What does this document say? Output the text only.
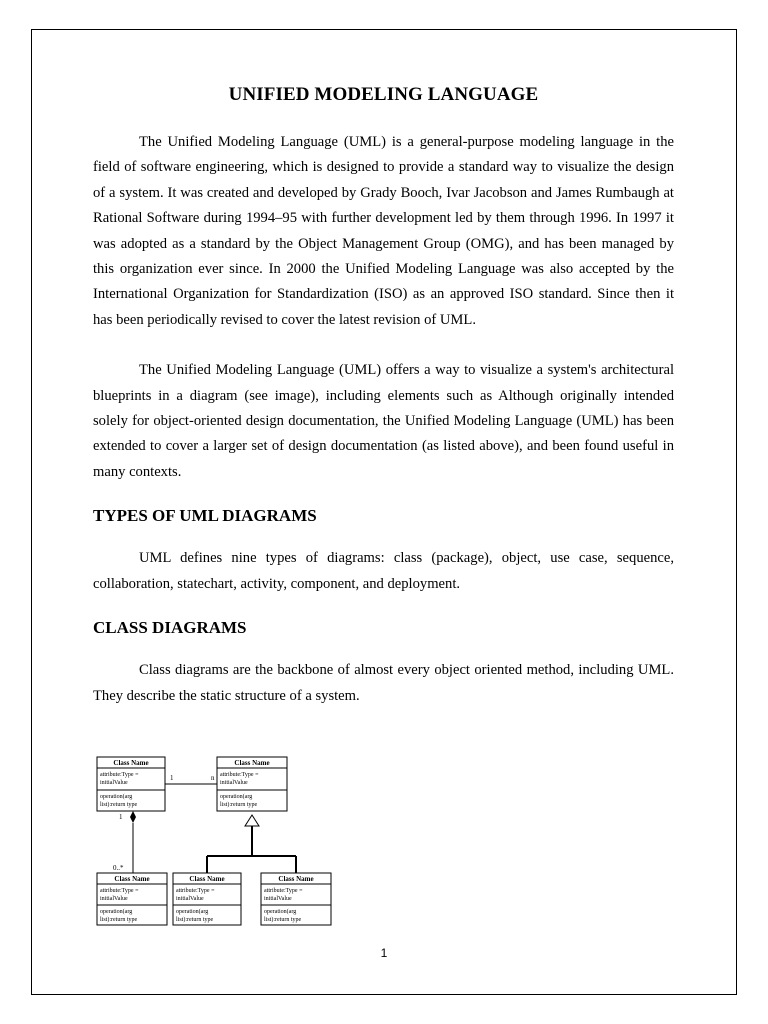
UNIFIED MODELING LANGUAGE

The Unified Modeling Language (UML) is a general-purpose modeling language in the field of software engineering, which is designed to provide a standard way to visualize the design of a system. It was created and developed by Grady Booch, Ivar Jacobson and James Rumbaugh at Rational Software during 1994–95 with further development led by them through 1996. In 1997 it was adopted as a standard by the Object Management Group (OMG), and has been managed by this organization ever since. In 2000 the Unified Modeling Language was also accepted by the International Organization for Standardization (ISO) as an approved ISO standard. Since then it has been periodically revised to cover the latest revision of UML.

The Unified Modeling Language (UML) offers a way to visualize a system's architectural blueprints in a diagram (see image), including elements such as Although originally intended solely for object-oriented design documentation, the Unified Modeling Language (UML) has been extended to cover a larger set of design documentation (as listed above), and been found useful in many contexts.

TYPES OF UML DIAGRAMS

UML defines nine types of diagrams: class (package), object, use case, sequence, collaboration, statechart, activity, component, and deployment.

CLASS DIAGRAMS

Class diagrams are the backbone of almost every object oriented method, including UML. They describe the static structure of a system.

1	n
1
0..*
Class Name
attribute:Type =
initialValue
operation(arg
list):return type
Class Name
attribute:Type =
initialValue
operation(arg
list):return type
Class Name
attribute:Type =
initialValue
operation(arg
list):return type
Class Name
attribute:Type =
initialValue
operation(arg
list):return type
Class Name
attribute:Type =
initialValue
operation(arg
list):return type
1
